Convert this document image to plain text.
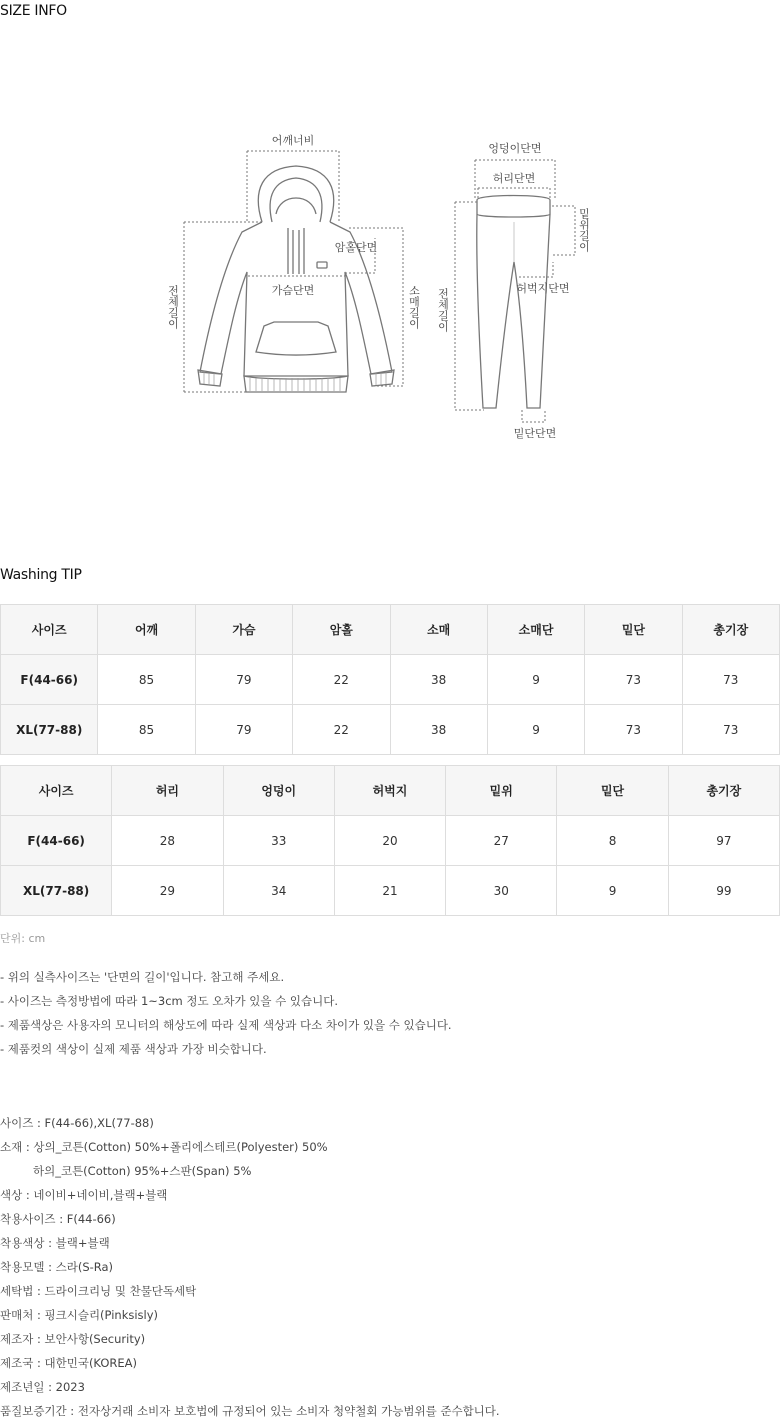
SIZE INFO
어깨너비
암홀단면
가슴단면
전체길이	소매길이
엉덩이단면
허리단면
밑위길이
허벅지단면
전체길이
밑단단면
Washing TIP
사이즈	어깨	가슴	암홀	소매	소매단	밑단	총기장
F(44-66)	85	79	22	38	9	73	73
XL(77-88)	85	79	22	38	9	73	73
사이즈	허리	엉덩이	허벅지	밑위	밑단	총기장
F(44-66)	28	33	20	27	8	97
XL(77-88)	29	34	21	30	9	99
단위: cm
- 위의 실측사이즈는 '단면의 길이'입니다. 참고해 주세요.
- 사이즈는 측정방법에 따라 1~3cm 정도 오차가 있을 수 있습니다.
- 제품색상은 사용자의 모니터의 해상도에 따라 실제 색상과 다소 차이가 있을 수 있습니다.
- 제품컷의 색상이 실제 제품 색상과 가장 비슷합니다.
사이즈 : F(44-66),XL(77-88)
소재 : 상의_코튼(Cotton) 50%+폴리에스테르(Polyester) 50%
하의_코튼(Cotton) 95%+스판(Span) 5%
색상 : 네이비+네이비,블랙+블랙
착용사이즈 : F(44-66)
착용색상 : 블랙+블랙
착용모델 : 스라(S-Ra)
세탁법 : 드라이크리닝 및 찬물단독세탁
판매처 : 핑크시슬리(Pinksisly)
제조자 : 보안사항(Security)
제조국 : 대한민국(KOREA)
제조년일 : 2023
품질보증기간 : 전자상거래 소비자 보호법에 규정되어 있는 소비자 청약철회 가능범위를 준수합니다.
